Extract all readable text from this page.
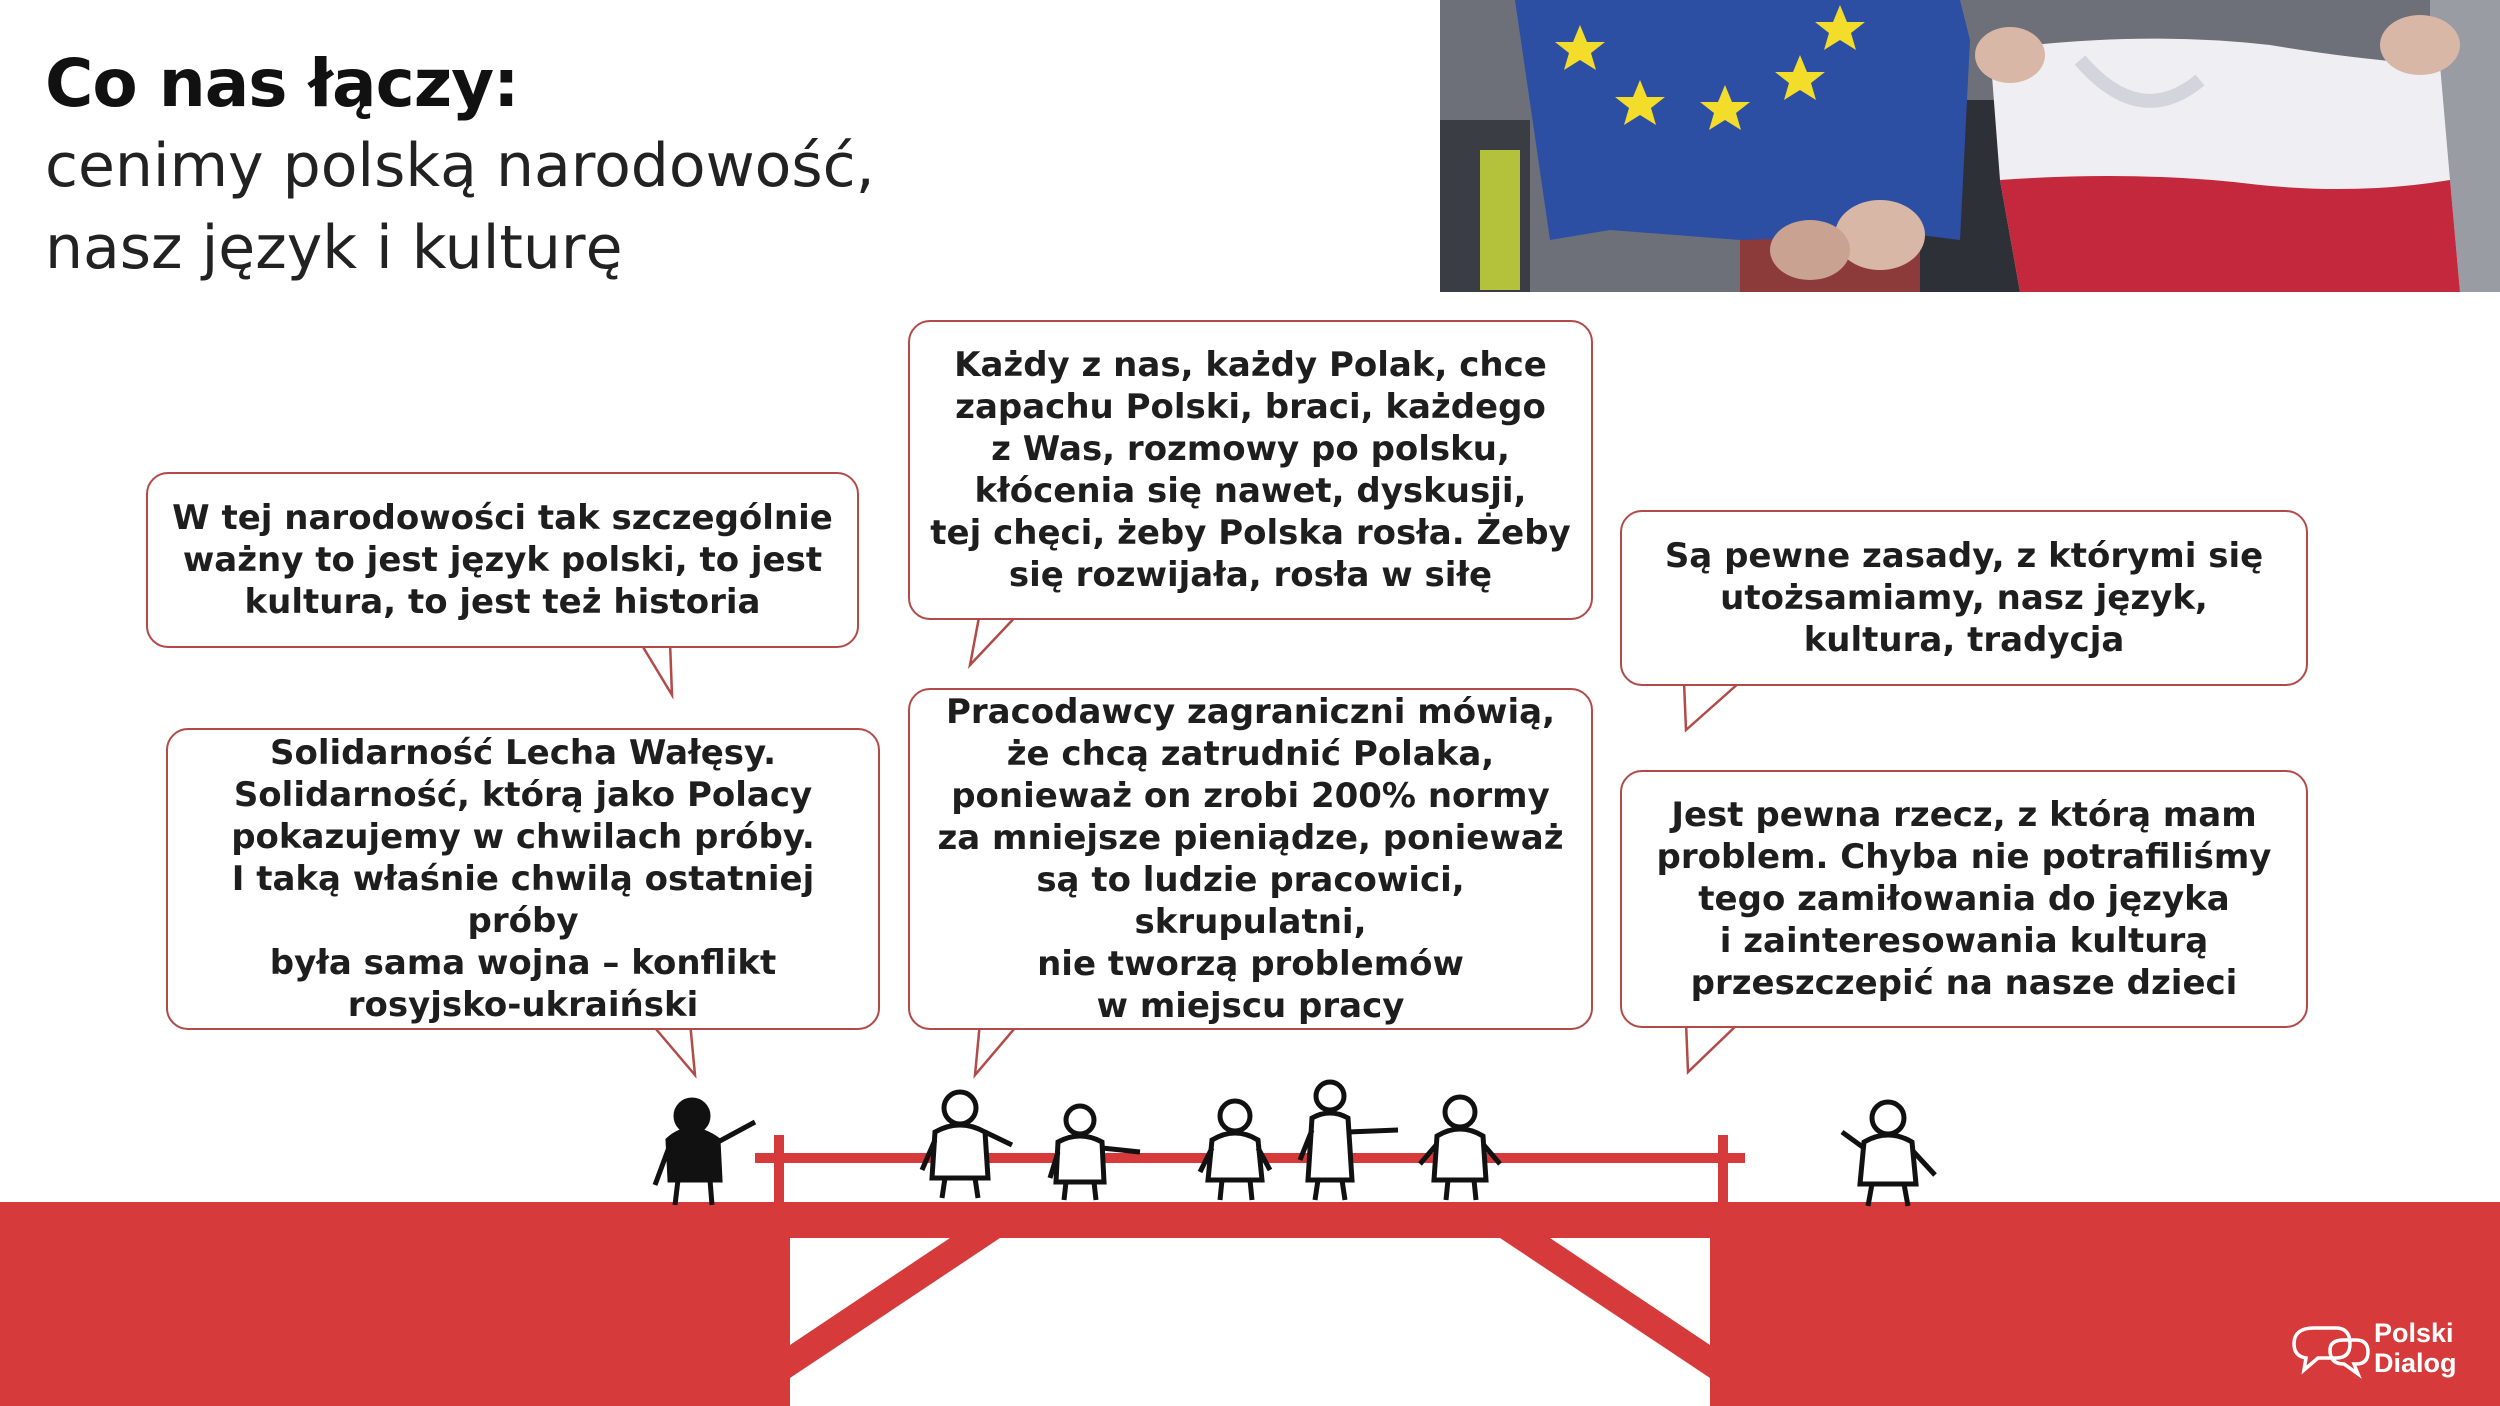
Co nas łączy:
cenimy polską narodowość,
nasz język i kulturę
W tej narodowości tak szczególnie
ważny to jest język polski, to jest
kultura, to jest też historia
Każdy z nas, każdy Polak, chce
zapachu Polski, braci, każdego
z Was, rozmowy po polsku,
kłócenia się nawet, dyskusji,
tej chęci, żeby Polska rosła. Żeby
się rozwijała, rosła w siłę	Są pewne zasady, z którymi się
utożsamiamy, nasz język,
kultura, tradycja
Solidarność Lecha Wałęsy.
Solidarność, którą jako Polacy
pokazujemy w chwilach próby.
I taką właśnie chwilą ostatniej próby
była sama wojna – konflikt
rosyjsko-ukraiński
Pracodawcy zagraniczni mówią,
że chcą zatrudnić Polaka,
ponieważ on zrobi 200% normy
za mniejsze pieniądze, ponieważ
są to ludzie pracowici, skrupulatni,
nie tworzą problemów
w miejscu pracy
Jest pewna rzecz, z którą mam
problem. Chyba nie potrafiliśmy
tego zamiłowania do języka
i zainteresowania kulturą
przeszczepić na nasze dzieci
Polski
Dialog
